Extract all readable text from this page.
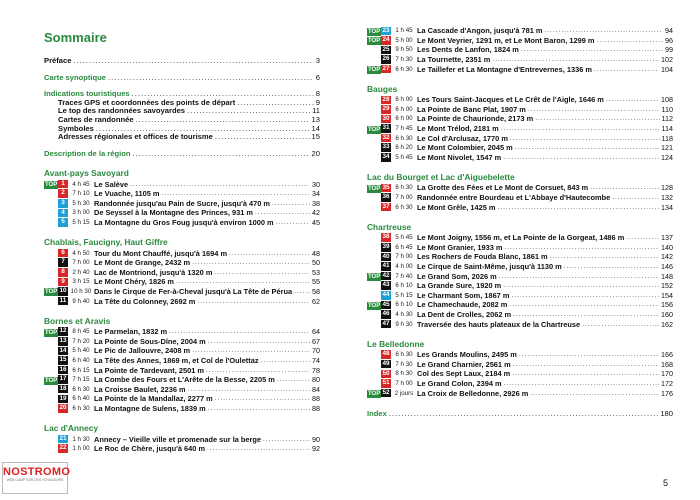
Sommaire
Préface .....	3
Carte synoptique .....	6
Indications touristiques .....	8
Traces GPS et coordonnées des points de départ .....	9
Le top des randonnées savoyardes .....	11
Cartes de randonnée .....	13
Symboles .....	14
Adresses régionales et offices de tourisme .....	15
Description de la région .....	20
Avant-pays Savoyard
TOP 1	4 h 45 Le Salève .....	30
2	7 h 10 Le Vuache, 1105 m .....	34
3	5 h 30 Randonnée jusqu'au Pain de Sucre, jusqu'à 470 m .....	38
4	3 h 00 De Seyssel à la Montagne des Princes, 931 m .....	42
5	5 h 15 La Montagne du Gros Foug jusqu'à environ 1000 m .....	45
Chablais, Faucigny, Haut Giffre
6	4 h 50 Tour du Mont Chauffé, jusqu'à 1694 m .....	48
7	7 h 00 Le Mont de Grange, 2432 m .....	50
8	2 h 40 Lac de Montriond, jusqu'à 1320 m .....	53
9	3 h 15 Le Mont Chéry, 1826 m .....	55
TOP 10 10 h 30 Dans le Cirque de Fer-à-Cheval jusqu'à La Tête de Pérua .....	58
11 9 h 40 La Tête du Colonney, 2692 m .....	62
Bornes et Aravis
TOP 12 8 h 45 Le Parmelan, 1832 m .....	64
13 7 h 20 La Pointe de Sous-Dîne, 2004 m .....	67
14 5 h 40 Le Pic de Jallouvre, 2408 m .....	70
15 6 h 40 La Tête des Annes, 1869 m, et Col de l'Oulettaz .....	74
16 6 h 15 La Pointe de Tardevant, 2501 m .....	78
TOP 17 7 h 15 La Combe des Fours et L'Arête de la Besse, 2205 m .....	80
18 6 h 30 La Croisse Baulet, 2236 m .....	84
19 6 h 40 La Pointe de la Mandallaz, 2277 m .....	88
20 6 h 30 La Montagne de Sulens, 1839 m .....	88
Lac d'Annecy
21 1 h 30 Annecy – Vieille ville et promenade sur la berge .....	90
22 1 h 00 Le Roc de Chère, jusqu'à 640 m .....	92
TOP 23 1 h 45 La Cascade d'Angon, jusqu'à 781 m .....	94
TOP 24 5 h 00 Le Mont Veyrier, 1291 m, et Le Mont Baron, 1299 m .....	96
25 9 h 50 Les Dents de Lanfon, 1824 m .....	99
26 7 h 30 La Tournette, 2351 m .....	102
TOP 27 6 h 30 Le Taillefer et La Montagne d'Entrevernes, 1336 m .....	104
Bauges
28 6 h 00 Les Tours Saint-Jacques et Le Crêt de l'Aigle, 1646 m .....	108
29 6 h 00 La Pointe de Banc Plat, 1907 m .....	110
30 6 h 00 La Pointe de Chaurionde, 2173 m .....	112
TOP 31 7 h 45 Le Mont Trélod, 2181 m .....	114
32 6 h 30 Le Col d'Arclusaz, 1770 m .....	118
33 6 h 20 Le Mont Colombier, 2045 m .....	121
34 5 h 45 Le Mont Nivolet, 1547 m .....	124
Lac du Bourget et Lac d'Aiguebelette
TOP 35 6 h 30 La Grotte des Fées et Le Mont de Corsuet, 843 m .....	128
36 7 h 00 Randonnée entre Bourdeau et L'Abbaye d'Hautecombe .....	132
37 6 h 30 Le Mont Grêle, 1425 m .....	134
Chartreuse
38 5 h 45 Le Mont Joigny, 1556 m, et La Pointe de la Gorgeat, 1486 m .....	137
39 6 h 45 Le Mont Granier, 1933 m .....	140
40 7 h 00 Les Rochers de Fouda Blanc, 1861 m .....	142
41 4 h 00 Le Cirque de Saint-Même, jusqu'à 1130 m .....	146
TOP 42 7 h 40 Le Grand Som, 2026 m .....	148
43 6 h 10 La Grande Sure, 1920 m .....	152
44 5 h 15 Le Charmant Som, 1867 m .....	154
TOP 45 6 h 10 Le Chamechaude, 2082 m .....	156
46 4 h 30 La Dent de Crolles, 2062 m .....	160
47 9 h 30 Traversée des hauts plateaux de la Chartreuse .....	162
Le Belledonne
48 6 h 30 Les Grands Moulins, 2495 m .....	166
49 7 h 30 Le Grand Charnier, 2561 m .....	168
50 8 h 30 Col des Sept Laux, 2184 m .....	170
51 7 h 00 Le Grand Colon, 2394 m .....	172
TOP 52 2 jours La Croix de Belledonne, 2926 m .....	176
Index .....	180
5
NOSTROMO
WEB CAMPTOIR DES VOYAGEURS
